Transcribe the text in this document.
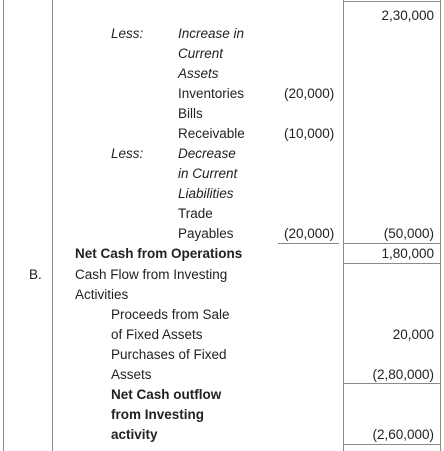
2,30,000
Less:	Increase in
Current
Assets
Inventories	(20,000)
Bills
Receivable	(10,000)
Less:	Decrease
in Current
Liabilities
Trade
Payables	(20,000)	(50,000)
Net Cash from Operations	1,80,000
B. Cash Flow from Investing
Activities
Proceeds from Sale
of Fixed Assets	20,000
Purchases of Fixed
Assets	(2,80,000)
Net Cash outflow
from Investing
activity	(2,60,000)
